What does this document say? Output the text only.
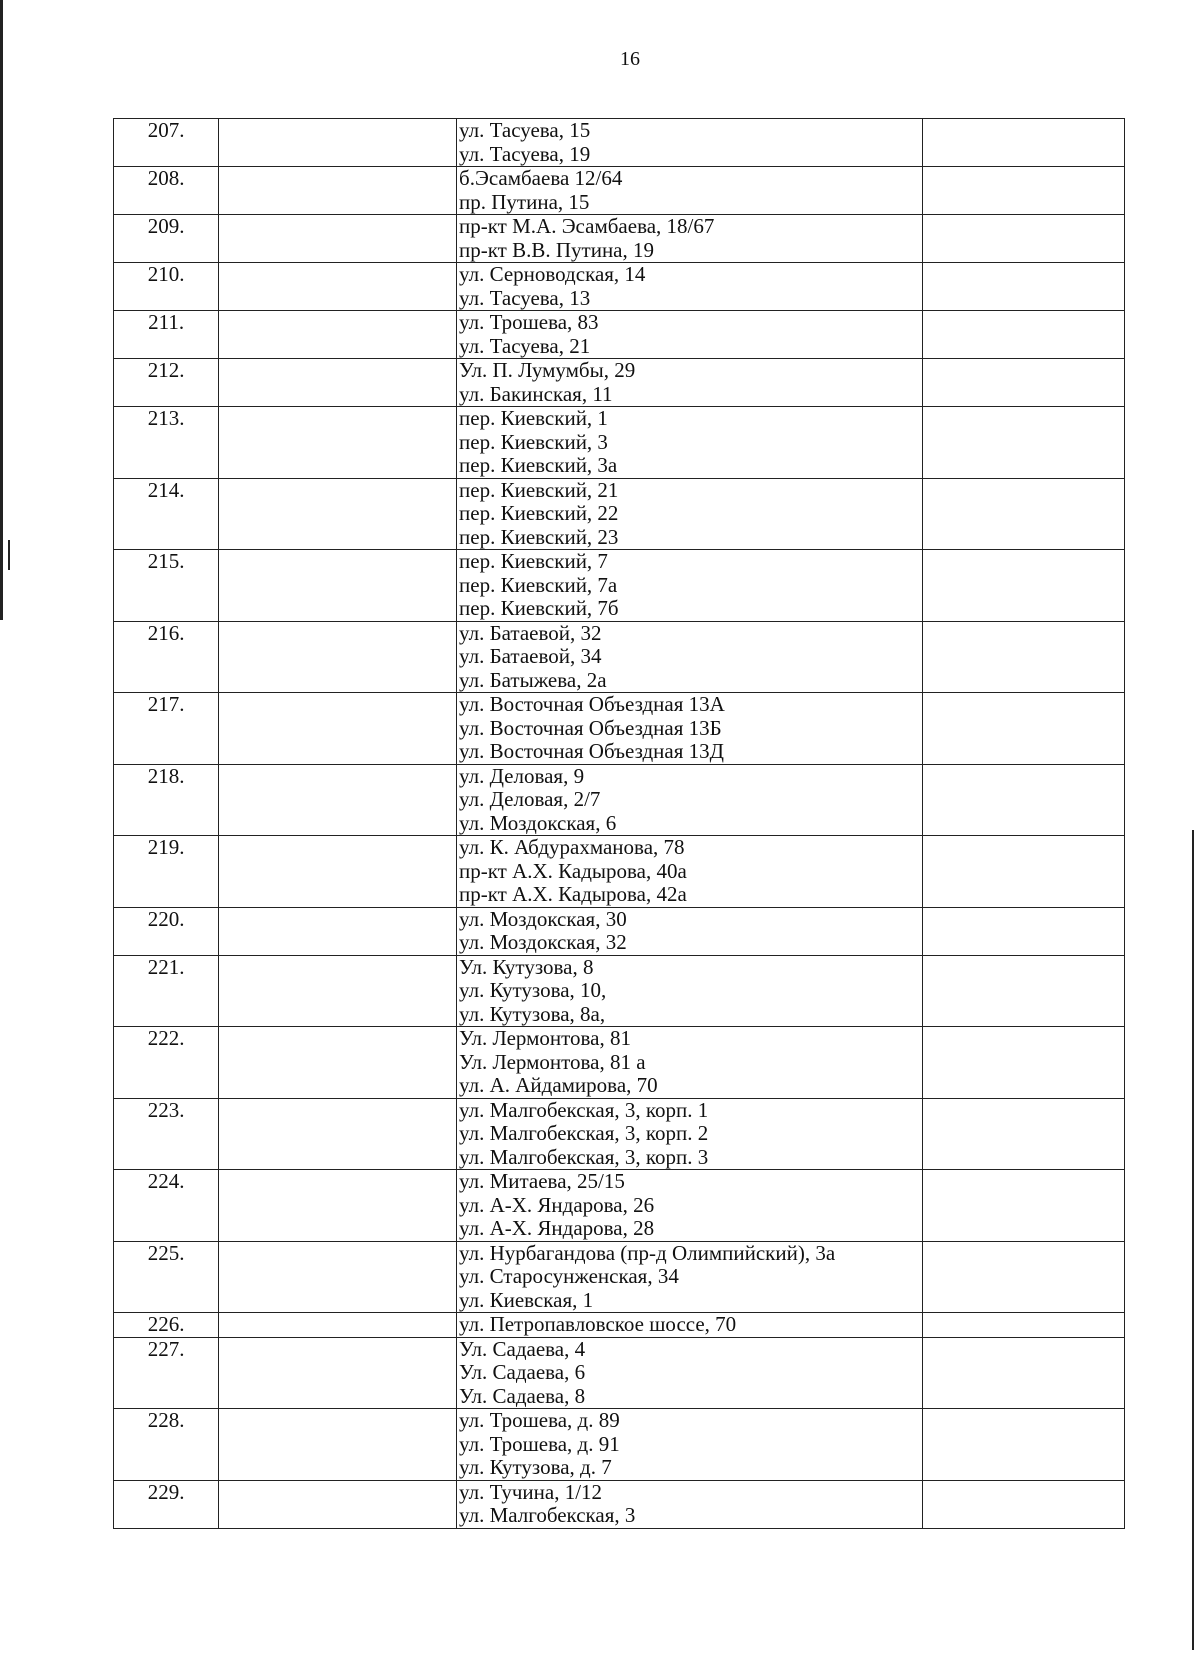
16
207.		ул. Тасуева, 15
ул. Тасуева, 19	

208.		б.Эсамбаева 12/64
пр. Путина, 15	

209.		пр-кт М.А. Эсамбаева, 18/67
пр-кт В.В. Путина, 19	

210.		ул. Серноводская, 14
ул. Тасуева, 13	

211.		ул. Трошева, 83
ул. Тасуева, 21	

212.		Ул. П. Лумумбы, 29
ул. Бакинская, 11	

213.		пер. Киевский, 1
пер. Киевский, 3
пер. Киевский, 3а	

214.		пер. Киевский, 21
пер. Киевский, 22
пер. Киевский, 23	

215.		пер. Киевский, 7
пер. Киевский, 7а
пер. Киевский, 7б	

216.		ул. Батаевой, 32
ул. Батаевой, 34
ул. Батыжева, 2а	

217.		ул. Восточная Объездная 13А
ул. Восточная Объездная 13Б
ул. Восточная Объездная 13Д	

218.		ул. Деловая, 9
ул. Деловая, 2/7
ул. Моздокская, 6	

219.		ул. К. Абдурахманова, 78
пр-кт А.Х. Кадырова, 40а
пр-кт А.Х. Кадырова, 42а	

220.		ул. Моздокская, 30
ул. Моздокская, 32	

221.		Ул. Кутузова, 8
ул. Кутузова, 10,
ул. Кутузова, 8а,	

222.		Ул. Лермонтова, 81
Ул. Лермонтова, 81 а
ул. А. Айдамирова, 70	

223.		ул. Малгобекская, 3, корп. 1
ул. Малгобекская, 3, корп. 2
ул. Малгобекская, 3, корп. 3	

224.		ул. Митаева, 25/15
ул. А-Х. Яндарова, 26
ул. А-Х. Яндарова, 28	

225.		ул. Нурбагандова (пр-д Олимпийский), 3а
ул. Старосунженская, 34
ул. Киевская, 1	

226.		ул. Петропавловское шоссе, 70	

227.		Ул. Садаева, 4
Ул. Садаева, 6
Ул. Садаева, 8	

228.		ул. Трошева, д. 89
ул. Трошева, д. 91
ул. Кутузова, д. 7	

229.		ул. Тучина, 1/12
ул. Малгобекская, 3	
